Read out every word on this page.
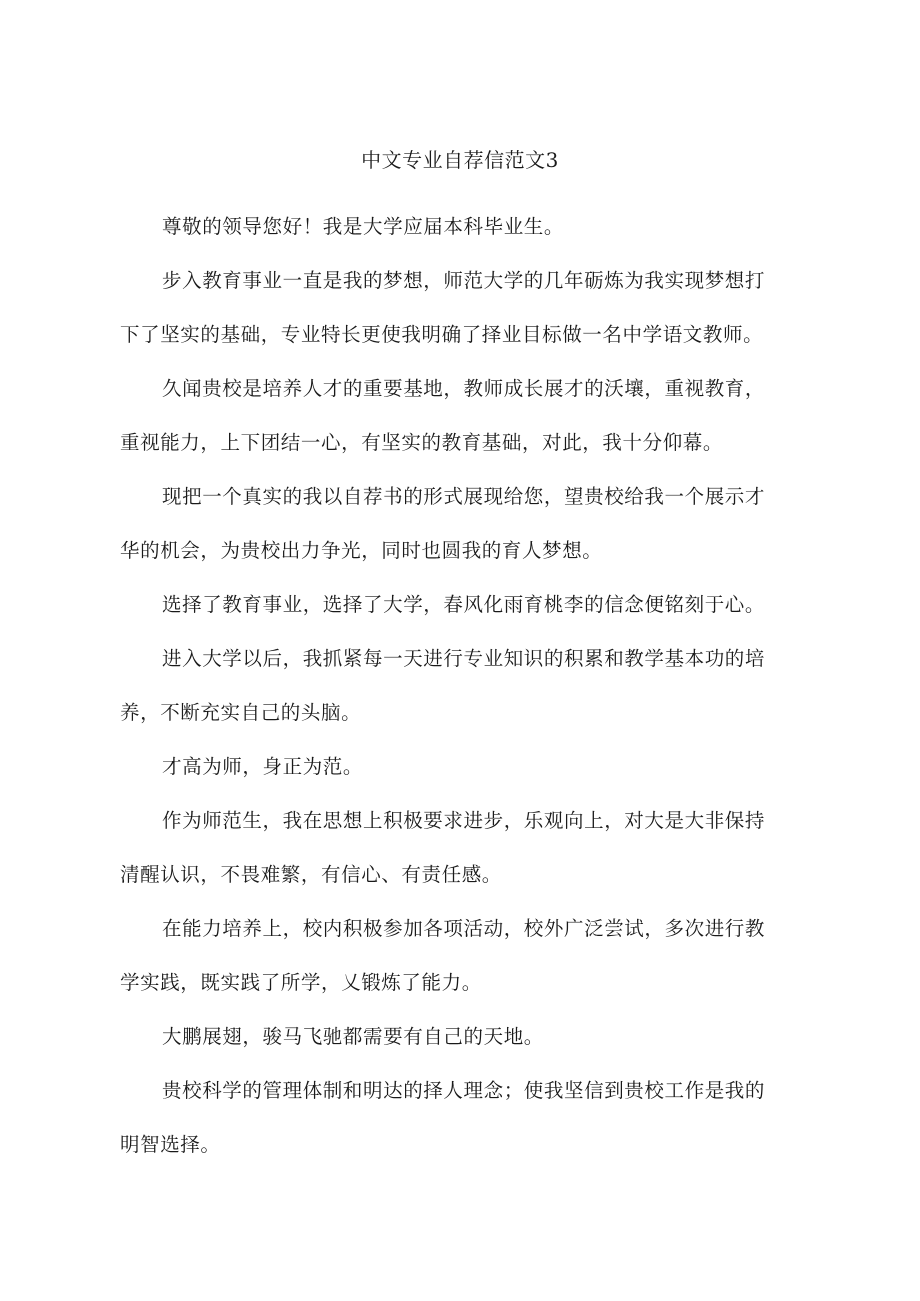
中文专业自荐信范文3

尊敬的领导您好！我是大学应届本科毕业生。

步入教育事业一直是我的梦想，师范大学的几年砺炼为我实现梦想打下了坚实的基础，专业特长更使我明确了择业目标做一名中学语文教师。

久闻贵校是培养人才的重要基地，教师成长展才的沃壤，重视教育，重视能力，上下团结一心，有坚实的教育基础，对此，我十分仰幕。

现把一个真实的我以自荐书的形式展现给您，望贵校给我一个展示才华的机会，为贵校出力争光，同时也圆我的育人梦想。

选择了教育事业，选择了大学，春风化雨育桃李的信念便铭刻于心。

进入大学以后，我抓紧每一天进行专业知识的积累和教学基本功的培养，不断充实自己的头脑。

才高为师，身正为范。

作为师范生，我在思想上积极要求进步，乐观向上，对大是大非保持清醒认识，不畏难繁，有信心、有责任感。

在能力培养上，校内积极参加各项活动，校外广泛尝试，多次进行教学实践，既实践了所学，乂锻炼了能力。

大鹏展翅，骏马飞驰都需要有自己的天地。

贵校科学的管理体制和明达的择人理念；使我坚信到贵校工作是我的明智选择。
